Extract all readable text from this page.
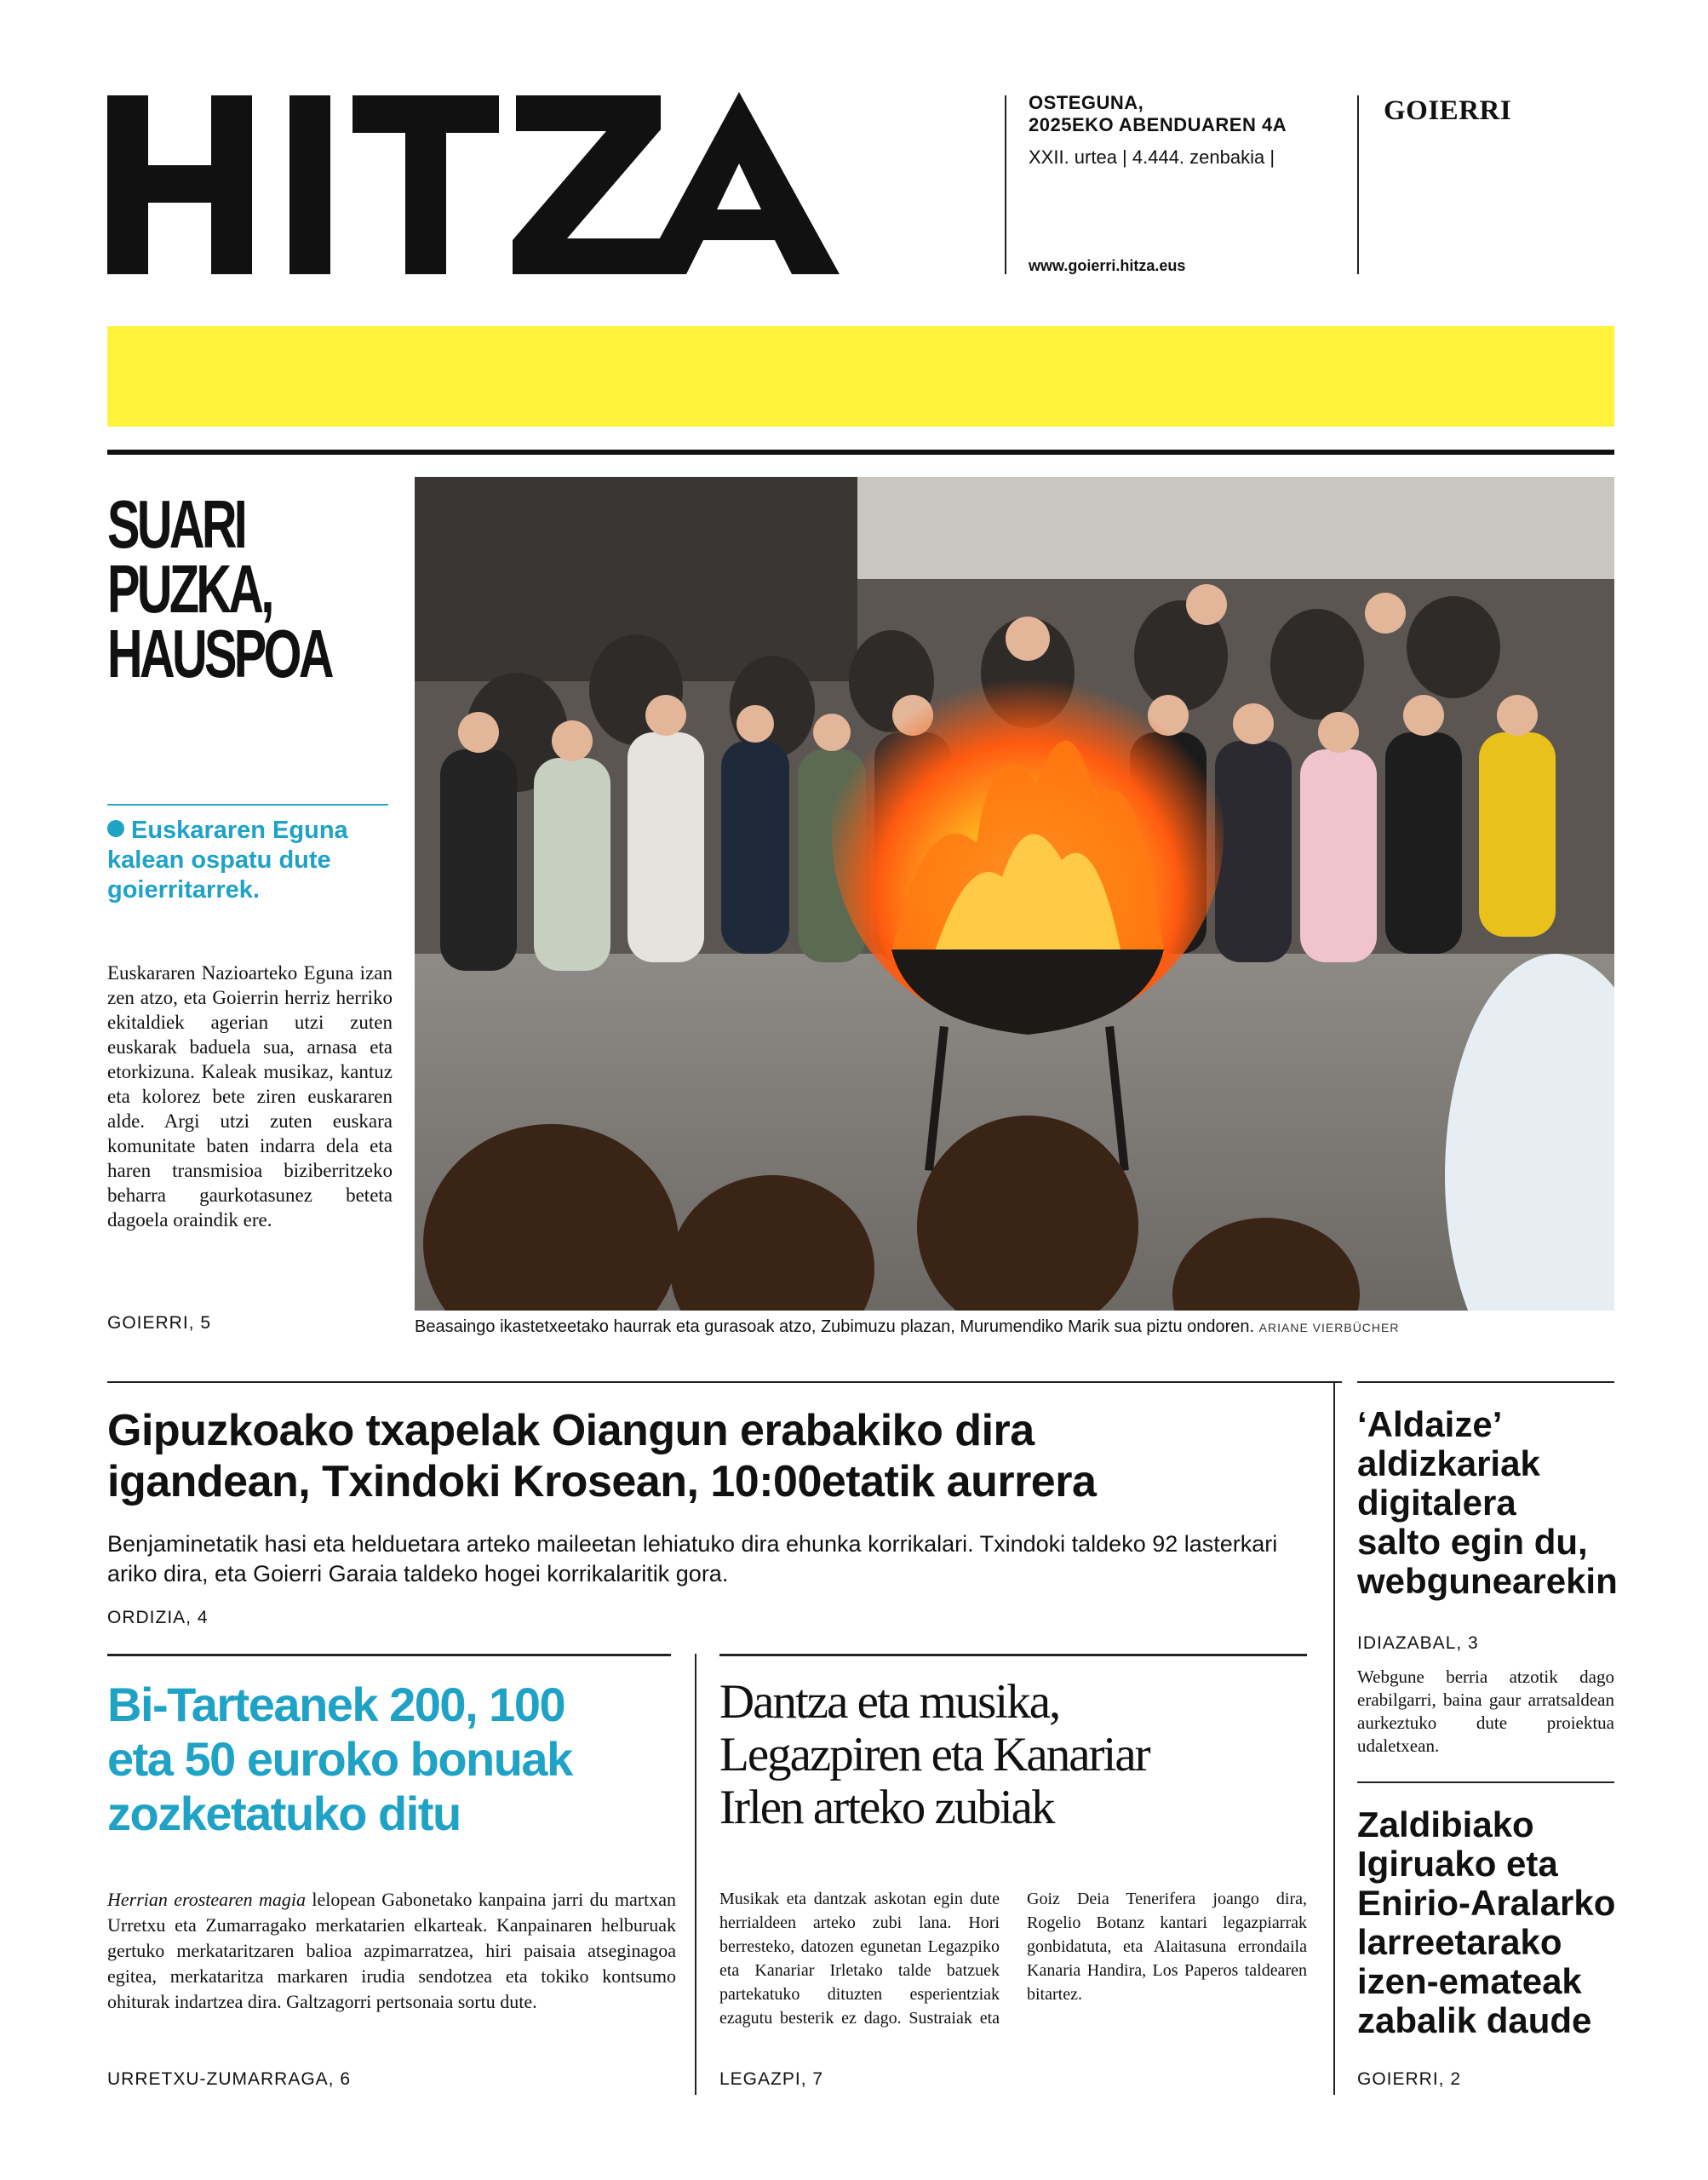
OSTEGUNA,
2025EKO ABENDUAREN 4A
XXII. urtea | 4.444. zenbakia |
www.goierri.hitza.eus
GOIERRI
SUARI
PUZKA,
HAUSPOA
Euskararen Eguna kalean ospatu dute goierritarrek.
Euskararen Nazioarteko Eguna izan zen atzo, eta Goierrin herriz herriko ekitaldiek agerian utzi zuten euskarak baduela sua, arnasa eta etorkizuna. Kaleak musikaz, kantuz eta kolorez bete ziren euskararen alde. Argi utzi zuten euskara komunitate baten indarra dela eta haren transmisioa biziberritzeko beharra gaurkotasunez beteta dagoela oraindik ere.
GOIERRI, 5	Beasaingo ikastetxeetako haurrak eta gurasoak atzo, Zubimuzu plazan, Murumendiko Marik sua piztu ondoren. ARIANE VIERBÜCHER
Gipuzkoako txapelak Oiangun erabakiko dira
igandean, Txindoki Krosean, 10:00etatik aurrera
Benjaminetatik hasi eta helduetara arteko maileetan lehiatuko dira ehunka korrikalari. Txindoki taldeko 92 lasterkari ariko dira, eta Goierri Garaia taldeko hogei korrikalaritik gora.
ORDIZIA, 4
‘Aldaize’
aldizkariak
digitalera
salto egin du,
webgunearekin
IDIAZABAL, 3
Webgune berria atzotik dago erabilgarri, baina gaur arratsaldean aurkeztuko dute proiektua udaletxean.
Zaldibiako
Igiruako eta
Enirio-Aralarko
larreetarako
izen-emateak
zabalik daude
GOIERRI, 2
Bi-Tarteanek 200, 100
eta 50 euroko bonuak
zozketatuko ditu
Herrian erostearen magia lelopean Gabonetako kanpaina jarri du martxan Urretxu eta Zumarragako merkatarien elkarteak. Kanpainaren helburuak gertuko merkataritzaren balioa azpimarratzea, hiri paisaia atseginagoa egitea, merkataritza markaren irudia sendotzea eta tokiko kontsumo ohiturak indartzea dira. Galtzagorri pertsonaia sortu dute.
URRETXU-ZUMARRAGA, 6
Dantza eta musika,
Legazpiren eta Kanariar
Irlen arteko zubiak
Musikak eta dantzak askotan egin dute herrialdeen arteko zubi lana. Hori berresteko, datozen egunetan Legazpiko eta Kanariar Irletako talde batzuek partekatuko dituzten esperientziak ezagutu besterik ez dago. Sustraiak eta Goiz Deia Tenerifera joango dira, Rogelio Botanz kantari legazpiarrak gonbidatuta, eta Alaitasuna errondaila Kanaria Handira, Los Paperos taldearen bitartez.
LEGAZPI, 7
